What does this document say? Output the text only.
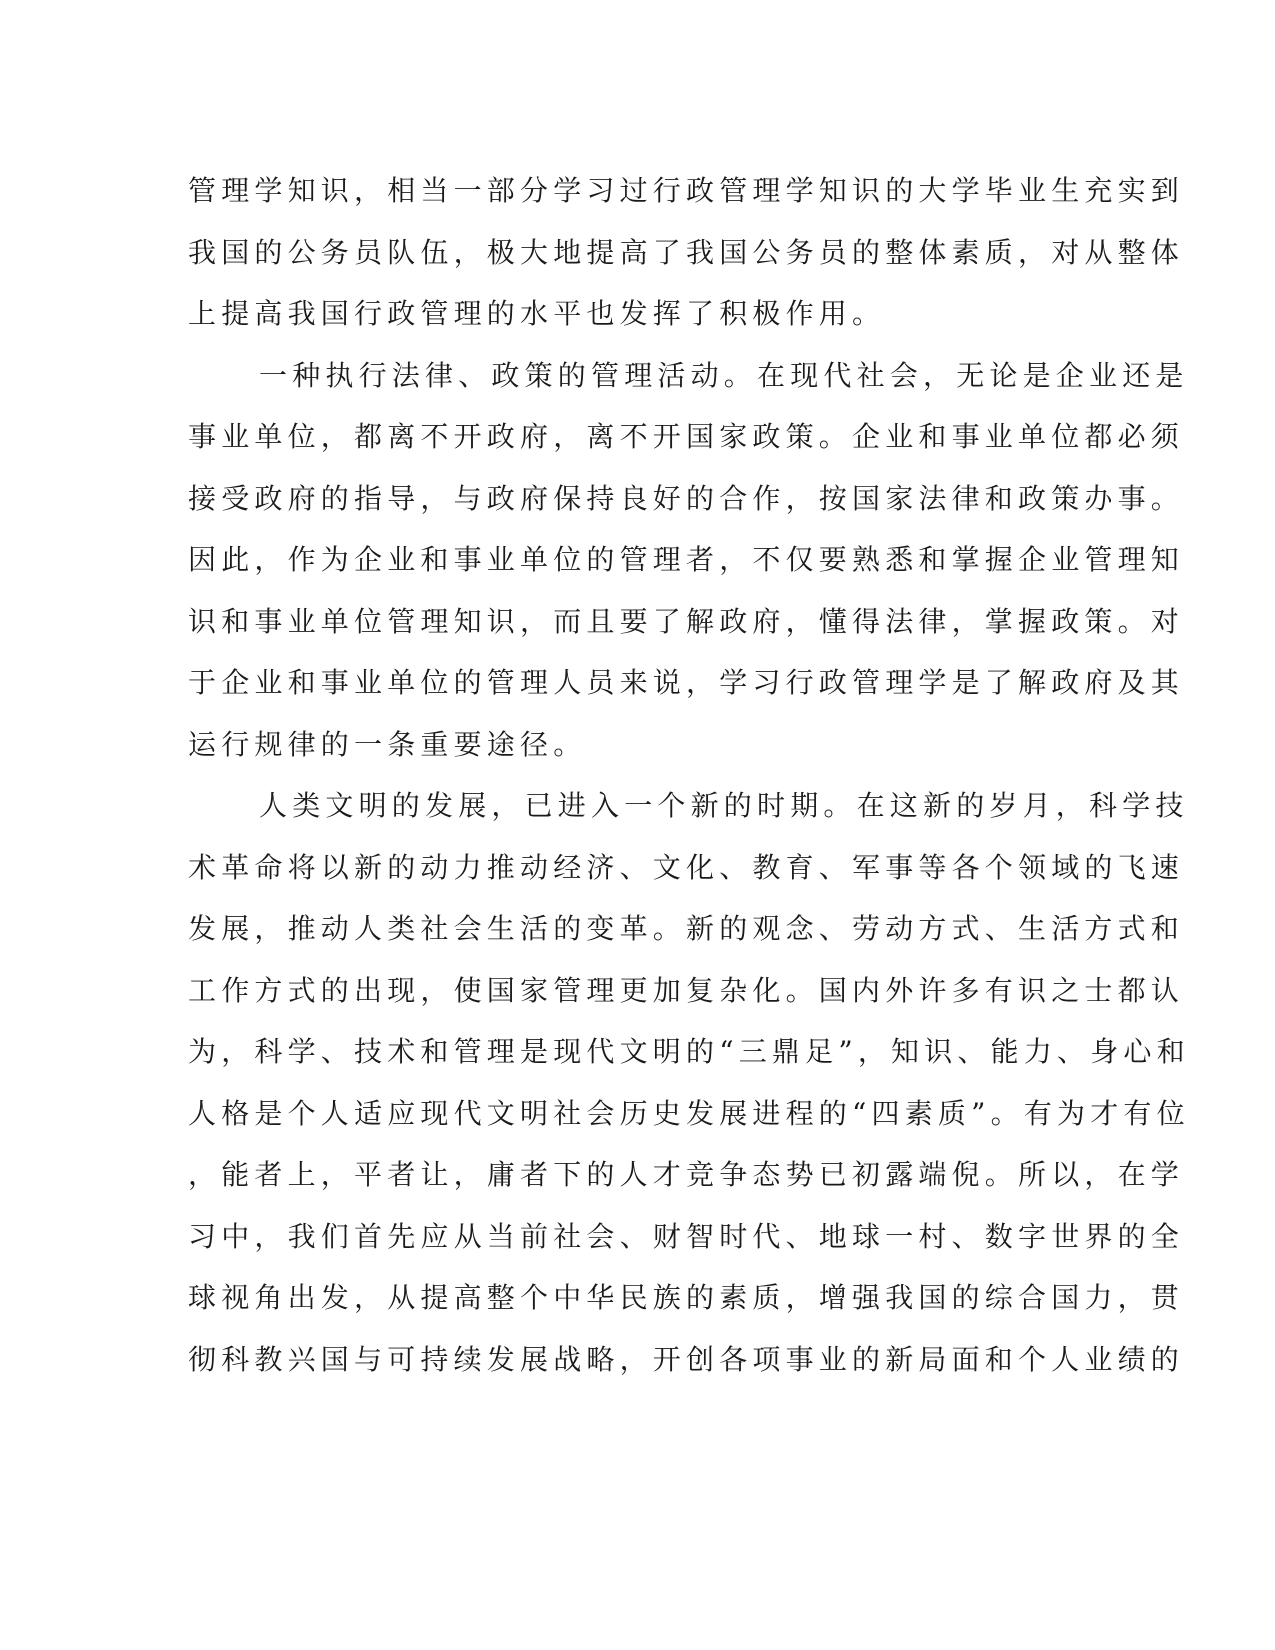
管理学知识，相当一部分学习过行政管理学知识的大学毕业生充实到
我国的公务员队伍，极大地提高了我国公务员的整体素质，对从整体
上提高我国行政管理的水平也发挥了积极作用。
一种执行法律、政策的管理活动。在现代社会，无论是企业还是
事业单位，都离不开政府，离不开国家政策。企业和事业单位都必须
接受政府的指导，与政府保持良好的合作，按国家法律和政策办事。
因此，作为企业和事业单位的管理者，不仅要熟悉和掌握企业管理知
识和事业单位管理知识，而且要了解政府，懂得法律，掌握政策。对
于企业和事业单位的管理人员来说，学习行政管理学是了解政府及其
运行规律的一条重要途径。
人类文明的发展，已进入一个新的时期。在这新的岁月，科学技
术革命将以新的动力推动经济、文化、教育、军事等各个领域的飞速
发展，推动人类社会生活的变革。新的观念、劳动方式、生活方式和
工作方式的出现，使国家管理更加复杂化。国内外许多有识之士都认
为，科学、技术和管理是现代文明的“三鼎足”，知识、能力、身心和
人格是个人适应现代文明社会历史发展进程的“四素质”。有为才有位
，能者上，平者让，庸者下的人才竞争态势已初露端倪。所以，在学
习中，我们首先应从当前社会、财智时代、地球一村、数字世界的全
球视角出发，从提高整个中华民族的素质，增强我国的综合国力，贯
彻科教兴国与可持续发展战略，开创各项事业的新局面和个人业绩的
